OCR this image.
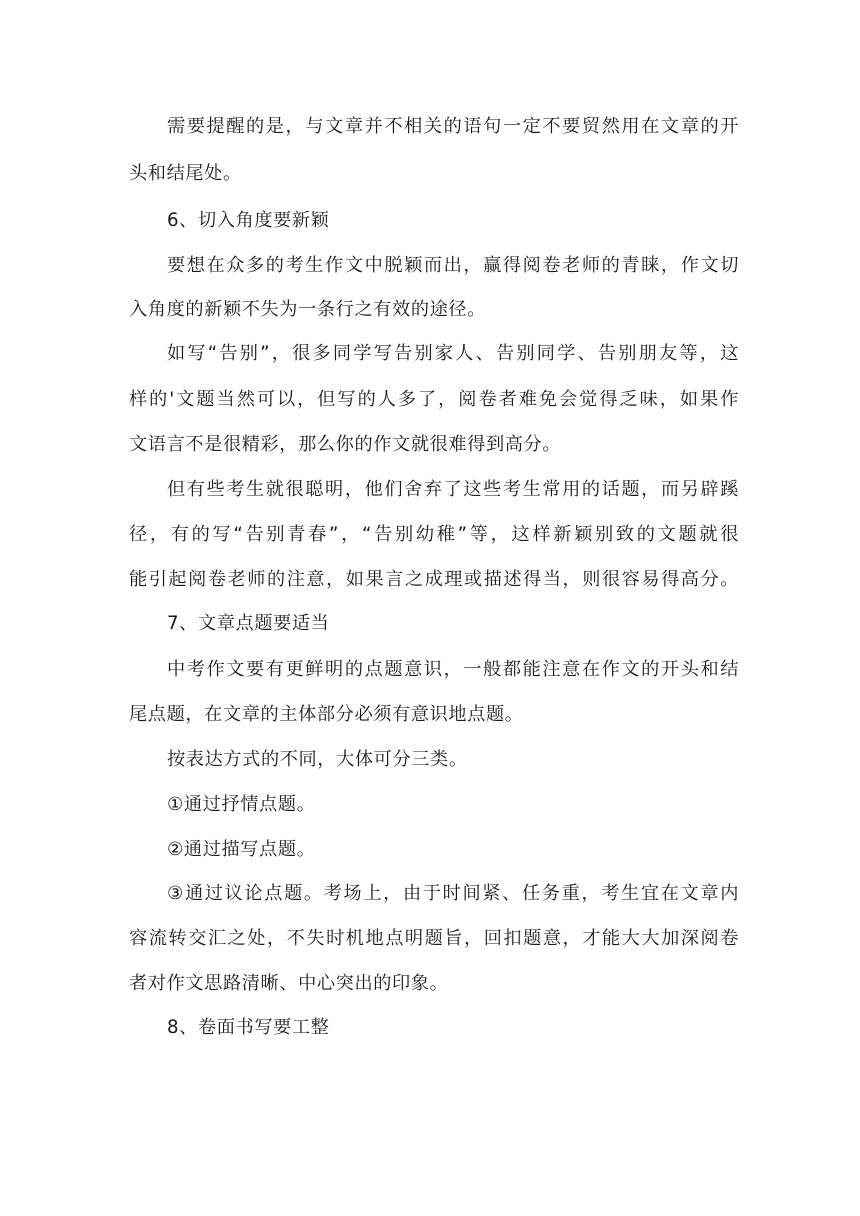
需要提醒的是，与文章并不相关的语句一定不要贸然用在文章的开
头和结尾处。
6、切入角度要新颖
要想在众多的考生作文中脱颖而出，赢得阅卷老师的青睐，作文切
入角度的新颖不失为一条行之有效的途径。
如写“告别”，很多同学写告别家人、告别同学、告别朋友等，这
样的'文题当然可以，但写的人多了，阅卷者难免会觉得乏味，如果作
文语言不是很精彩，那么你的作文就很难得到高分。
但有些考生就很聪明，他们舍弃了这些考生常用的话题，而另辟蹊
径，有的写“告别青春”，“告别幼稚”等，这样新颖别致的文题就很
能引起阅卷老师的注意，如果言之成理或描述得当，则很容易得高分。
7、文章点题要适当
中考作文要有更鲜明的点题意识，一般都能注意在作文的开头和结
尾点题，在文章的主体部分必须有意识地点题。
按表达方式的不同，大体可分三类。
①通过抒情点题。
②通过描写点题。
③通过议论点题。考场上，由于时间紧、任务重，考生宜在文章内
容流转交汇之处，不失时机地点明题旨，回扣题意，才能大大加深阅卷
者对作文思路清晰、中心突出的印象。
8、卷面书写要工整
